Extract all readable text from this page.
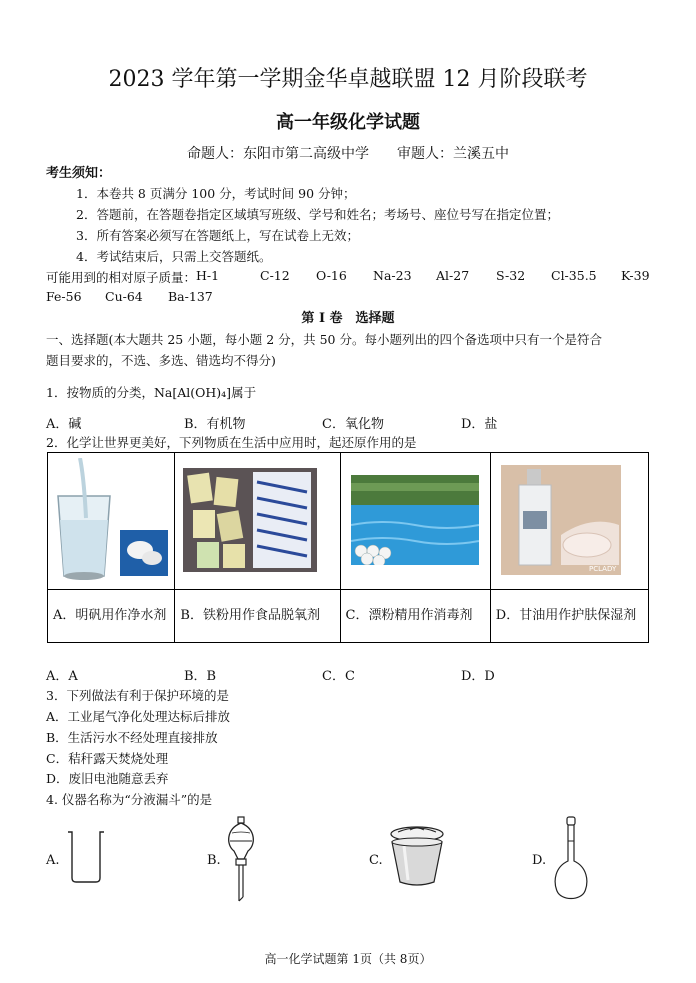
2023 学年第一学期金华卓越联盟 12 月阶段联考
高一年级化学试题
命题人：东阳市第二高级中学　　审题人：兰溪五中
考生须知：
1．本卷共 8 页满分 100 分，考试时间 90 分钟；
2．答题前，在答题卷指定区域填写班级、学号和姓名；考场号、座位号写在指定位置；
3．所有答案必须写在答题纸上，写在试卷上无效；
4．考试结束后，只需上交答题纸。
可能用到的相对原子质量： H-1	C-12 O-16 Na-23 Al-27 S-32 Cl-35.5 K-39
Fe-56 Cu-64 Ba-137
第 I 卷　选择题
一、选择题(本大题共 25 小题，每小题 2 分，共 50 分。每小题列出的四个备选项中只有一个是符合
题目要求的，不选、多选、错选均不得分)
1．按物质的分类，Na[Al(OH)₄]属于
A．碱	B．有机物	C．氧化物	D．盐
2．化学让世界更美好，下列物质在生活中应用时，起还原作用的是

A．明矾用作净水剂	B．铁粉用作食品脱氧剂	C．漂粉精用作消毒剂	D．甘油用作护肤保湿剂
PCLADY
A．A	B．B	C．C	D．D
3．下列做法有利于保护环境的是
A．工业尾气净化处理达标后排放
B．生活污水不经处理直接排放
C．秸秆露天焚烧处理
D．废旧电池随意丢弃
4. 仪器名称为“分液漏斗”的是
A.	B.	C.	D.
高一化学试题第 1页（共 8页）
